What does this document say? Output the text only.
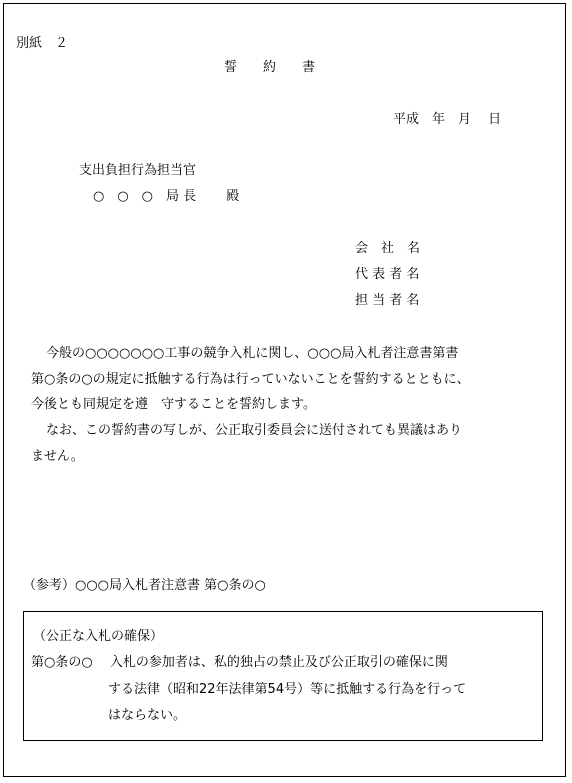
別紙　２
誓　　約　　書
平成　年　月　 日
支出負担行為担当官
○　○　○　局 長　　 殿
会　社　名
代 表 者 名
担 当 者 名
今般の○○○○○○○工事の競争入札に関し、○○○局入札者注意書第書
第○条の○の規定に抵触する行為は行っていないことを誓約するとともに、
今後とも同規定を遵　守することを誓約します。
なお、この誓約書の写しが、公正取引委員会に送付されても異議はあり
ません。
（参考）○○○局入札者注意書 第○条の○
（公正な入札の確保）
第○条の○　 入札の参加者は、私的独占の禁止及び公正取引の確保に関
する法律（昭和22年法律第54号）等に抵触する行為を行って
はならない。
